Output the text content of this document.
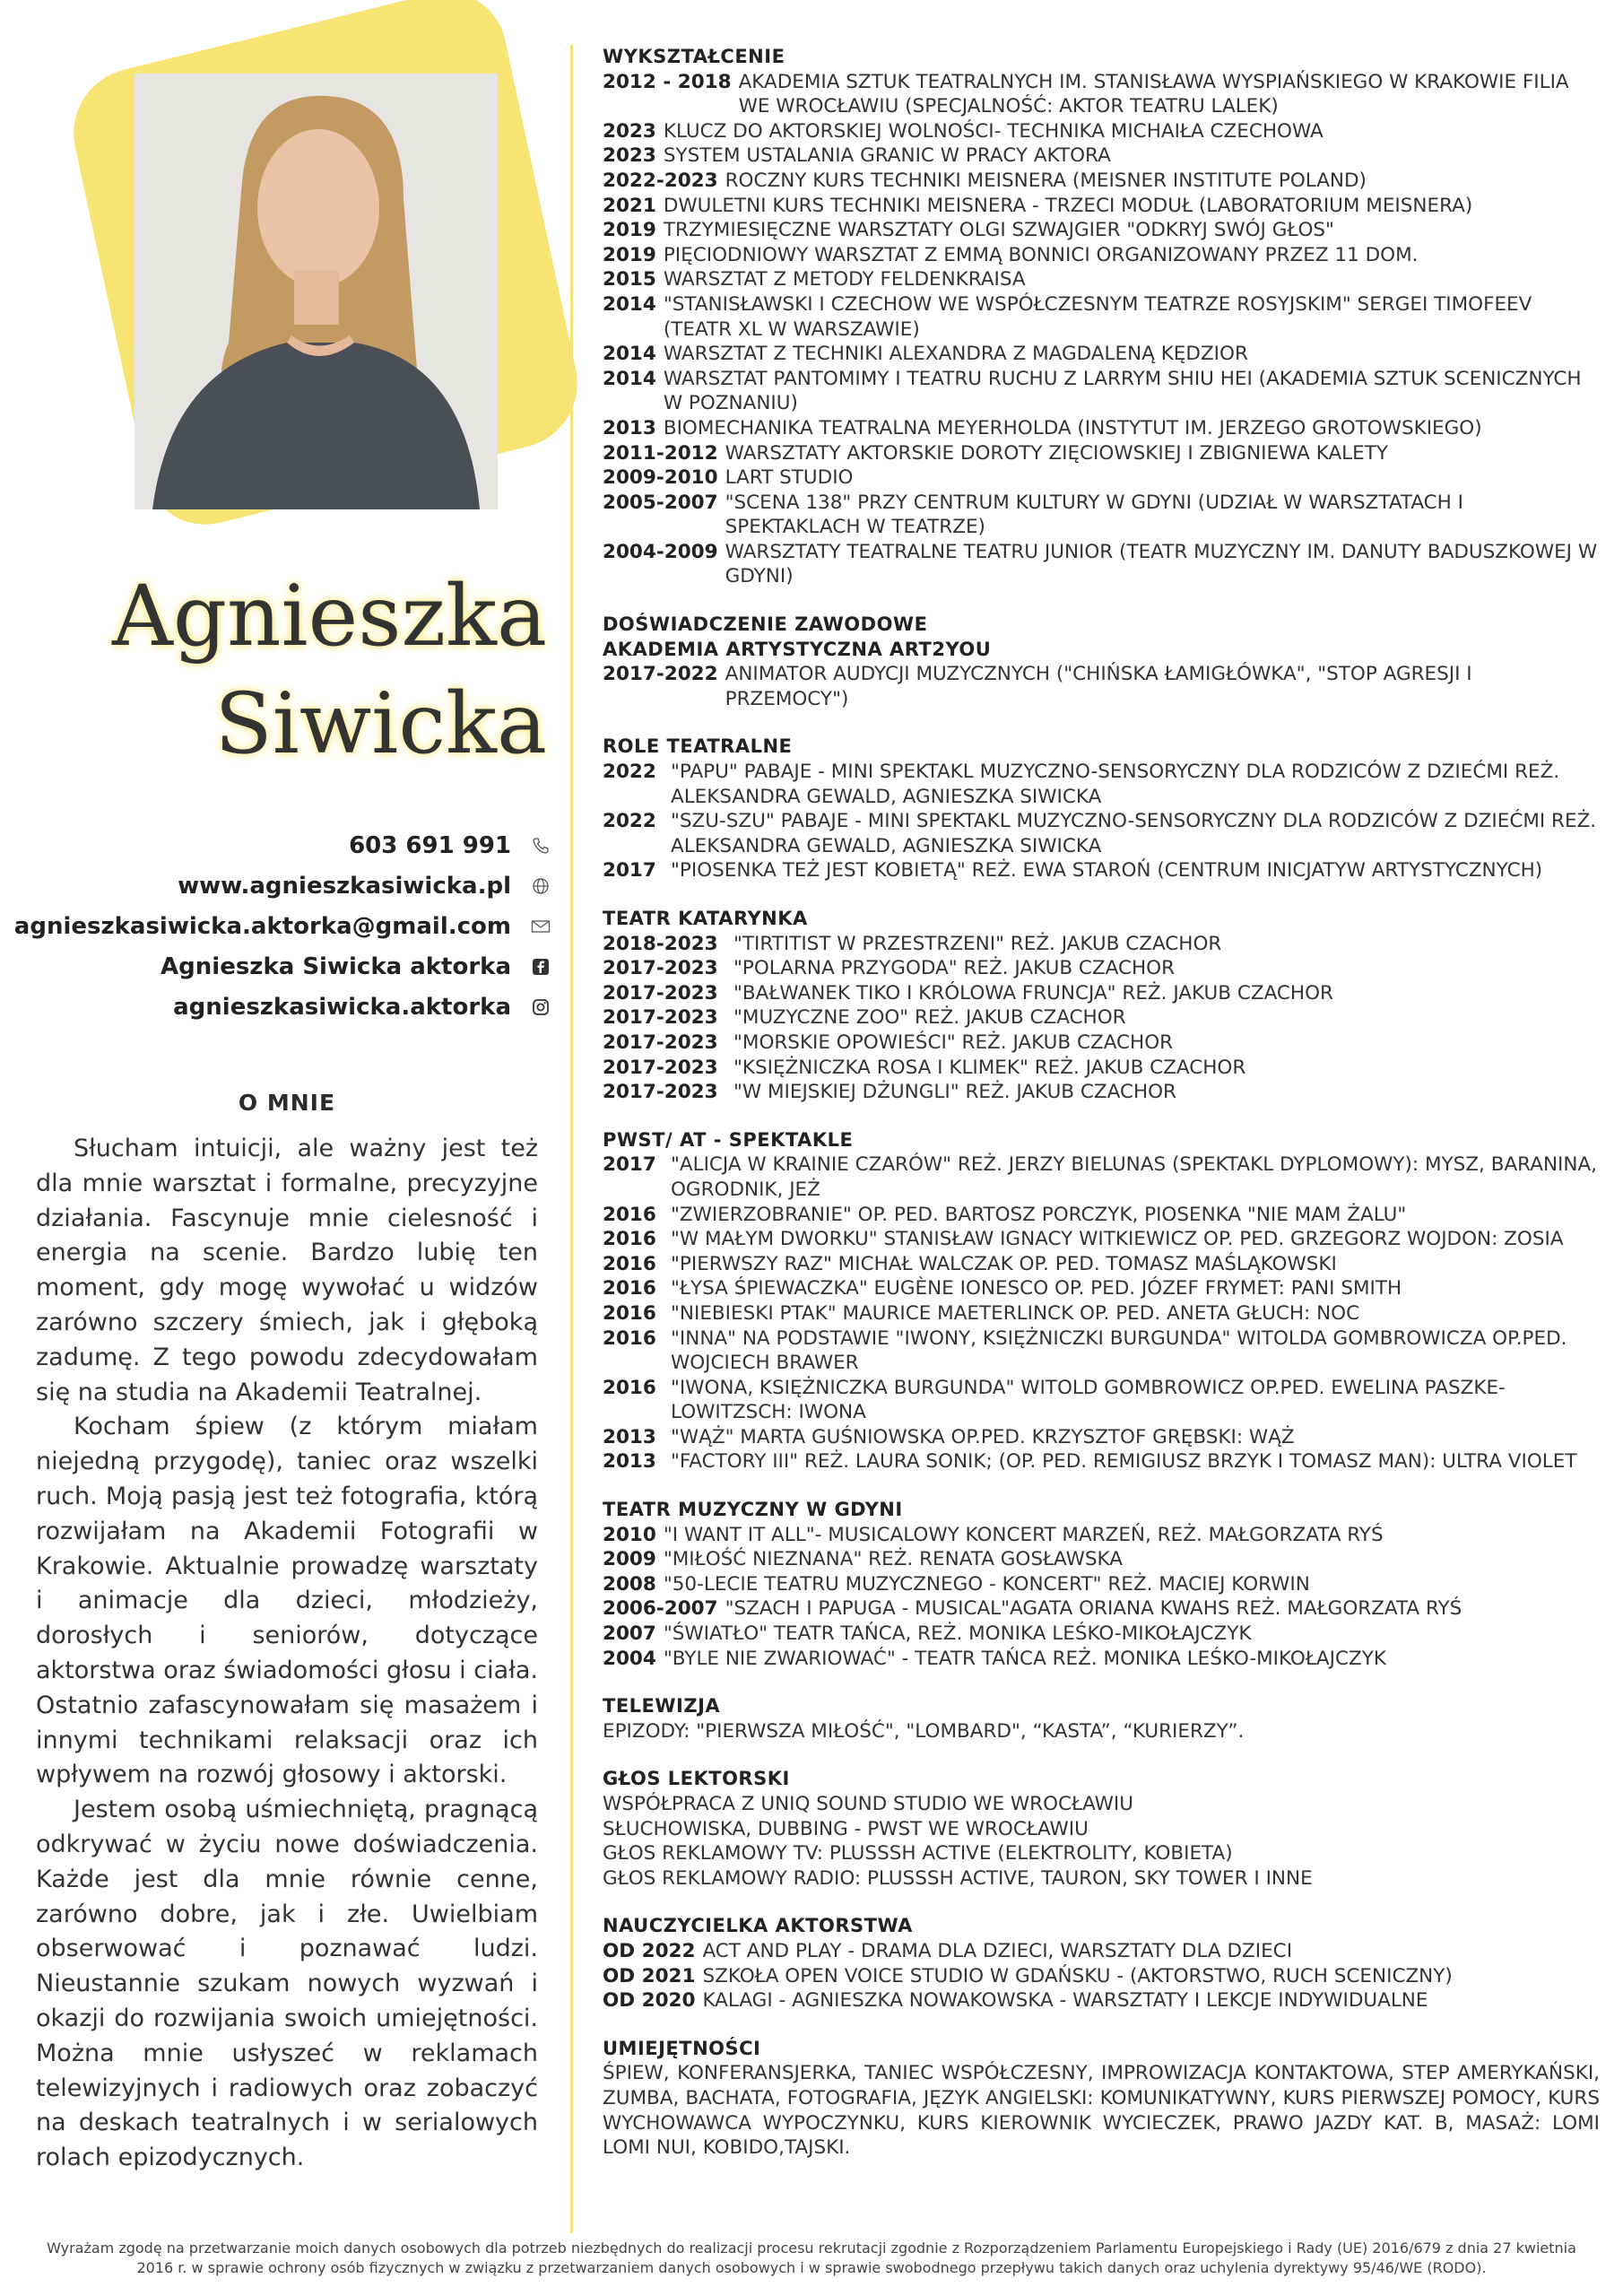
Agnieszka
Siwicka
603 691 991
www.agnieszkasiwicka.pl
agnieszkasiwicka.aktorka@gmail.com
Agnieszka Siwicka aktorka
agnieszkasiwicka.aktorka
O MNIE

Słucham intuicji, ale ważny jest też dla mnie warsztat i formalne, precyzyjne działania. Fascynuje mnie cielesność i energia na scenie. Bardzo lubię ten moment, gdy mogę wywołać u widzów zarówno szczery śmiech, jak i głęboką zadumę. Z tego powodu zdecydowałam się na studia na Akademii Teatralnej.

Kocham śpiew (z którym miałam niejedną przygodę), taniec oraz wszelki ruch. Moją pasją jest też fotografia, którą rozwijałam na Akademii Fotografii w Krakowie. Aktualnie prowadzę warsztaty i animacje dla dzieci, młodzieży, dorosłych i seniorów, dotyczące aktorstwa oraz świadomości głosu i ciała. Ostatnio zafascynowałam się masażem i innymi technikami relaksacji oraz ich wpływem na rozwój głosowy i aktorski.

Jestem osobą uśmiechniętą, pragnącą odkrywać w życiu nowe doświadczenia. Każde jest dla mnie równie cenne, zarówno dobre, jak i złe. Uwielbiam obserwować i poznawać ludzi. Nieustannie szukam nowych wyzwań i okazji do rozwijania swoich umiejętności. Można mnie usłyszeć w reklamach telewizyjnych i radiowych oraz zobaczyć na deskach teatralnych i w serialowych rolach epizodycznych.

WYKSZTAŁCENIE
2012 - 2018 AKADEMIA SZTUK TEATRALNYCH IM. STANISŁAWA WYSPIAŃSKIEGO W KRAKOWIE FILIA WE WROCŁAWIU (SPECJALNOŚĆ: AKTOR TEATRU LALEK)
2023 KLUCZ DO AKTORSKIEJ WOLNOŚCI- TECHNIKA MICHAIŁA CZECHOWA
2023 SYSTEM USTALANIA GRANIC W PRACY AKTORA
2022-2023 ROCZNY KURS TECHNIKI MEISNERA (MEISNER INSTITUTE POLAND)
2021 DWULETNI KURS TECHNIKI MEISNERA - TRZECI MODUŁ (LABORATORIUM MEISNERA)
2019 TRZYMIESIĘCZNE WARSZTATY OLGI SZWAJGIER "ODKRYJ SWÓJ GŁOS"
2019 PIĘCIODNIOWY WARSZTAT Z EMMĄ BONNICI ORGANIZOWANY PRZEZ 11 DOM.
2015 WARSZTAT Z METODY FELDENKRAISA
2014 "STANISŁAWSKI I CZECHOW WE WSPÓŁCZESNYM TEATRZE ROSYJSKIM" SERGEI TIMOFEEV (TEATR XL W WARSZAWIE)
2014 WARSZTAT Z TECHNIKI ALEXANDRA Z MAGDALENĄ KĘDZIOR
2014 WARSZTAT PANTOMIMY I TEATRU RUCHU Z LARRYM SHIU HEI (AKADEMIA SZTUK SCENICZNYCH W POZNANIU)
2013 BIOMECHANIKA TEATRALNA MEYERHOLDA (INSTYTUT IM. JERZEGO GROTOWSKIEGO)
2011-2012 WARSZTATY AKTORSKIE DOROTY ZIĘCIOWSKIEJ I ZBIGNIEWA KALETY
2009-2010 LART STUDIO
2005-2007 "SCENA 138" PRZY CENTRUM KULTURY W GDYNI (UDZIAŁ W WARSZTATACH I SPEKTAKLACH W TEATRZE)
2004-2009 WARSZTATY TEATRALNE TEATRU JUNIOR (TEATR MUZYCZNY IM. DANUTY BADUSZKOWEJ W GDYNI)
DOŚWIADCZENIE ZAWODOWE
AKADEMIA ARTYSTYCZNA ART2YOU
2017-2022 ANIMATOR AUDYCJI MUZYCZNYCH ("CHIŃSKA ŁAMIGŁÓWKA", "STOP AGRESJI I PRZEMOCY")
ROLE TEATRALNE
2022 "PAPU" PABAJE - MINI SPEKTAKL MUZYCZNO-SENSORYCZNY DLA RODZICÓW Z DZIEĆMI REŻ. ALEKSANDRA GEWALD, AGNIESZKA SIWICKA
2022 "SZU-SZU" PABAJE - MINI SPEKTAKL MUZYCZNO-SENSORYCZNY DLA RODZICÓW Z DZIEĆMI REŻ. ALEKSANDRA GEWALD, AGNIESZKA SIWICKA
2017 "PIOSENKA TEŻ JEST KOBIETĄ" REŻ. EWA STAROŃ (CENTRUM INICJATYW ARTYSTYCZNYCH)
TEATR KATARYNKA
2018-2023 "TIRTITIST W PRZESTRZENI" REŻ. JAKUB CZACHOR
2017-2023 "POLARNA PRZYGODA" REŻ. JAKUB CZACHOR
2017-2023 "BAŁWANEK TIKO I KRÓLOWA FRUNCJA" REŻ. JAKUB CZACHOR
2017-2023 "MUZYCZNE ZOO" REŻ. JAKUB CZACHOR
2017-2023 "MORSKIE OPOWIEŚCI" REŻ. JAKUB CZACHOR
2017-2023 "KSIĘŻNICZKA ROSA I KLIMEK" REŻ. JAKUB CZACHOR
2017-2023 "W MIEJSKIEJ DŻUNGLI" REŻ. JAKUB CZACHOR
PWST/ AT - SPEKTAKLE
2017 "ALICJA W KRAINIE CZARÓW" REŻ. JERZY BIELUNAS (SPEKTAKL DYPLOMOWY): MYSZ, BARANINA, OGRODNIK, JEŻ
2016 "ZWIERZOBRANIE" OP. PED. BARTOSZ PORCZYK, PIOSENKA "NIE MAM ŻALU"
2016 "W MAŁYM DWORKU" STANISŁAW IGNACY WITKIEWICZ OP. PED. GRZEGORZ WOJDON: ZOSIA
2016 "PIERWSZY RAZ" MICHAŁ WALCZAK OP. PED. TOMASZ MAŚLĄKOWSKI
2016 "ŁYSA ŚPIEWACZKA" EUGÈNE IONESCO OP. PED. JÓZEF FRYMET: PANI SMITH
2016 "NIEBIESKI PTAK" MAURICE MAETERLINCK OP. PED. ANETA GŁUCH: NOC
2016 "INNA" NA PODSTAWIE "IWONY, KSIĘŻNICZKI BURGUNDA" WITOLDA GOMBROWICZA OP.PED. WOJCIECH BRAWER
2016 "IWONA, KSIĘŻNICZKA BURGUNDA" WITOLD GOMBROWICZ OP.PED. EWELINA PASZKE- LOWITZSCH: IWONA
2013 "WĄŻ" MARTA GUŚNIOWSKA OP.PED. KRZYSZTOF GRĘBSKI: WĄŻ
2013 "FACTORY III" REŻ. LAURA SONIK; (OP. PED. REMIGIUSZ BRZYK I TOMASZ MAN): ULTRA VIOLET
TEATR MUZYCZNY W GDYNI
2010 "I WANT IT ALL"- MUSICALOWY KONCERT MARZEŃ, REŻ. MAŁGORZATA RYŚ
2009 "MIŁOŚĆ NIEZNANA" REŻ. RENATA GOSŁAWSKA
2008 "50-LECIE TEATRU MUZYCZNEGO - KONCERT" REŻ. MACIEJ KORWIN
2006-2007 "SZACH I PAPUGA - MUSICAL"AGATA ORIANA KWAHS REŻ. MAŁGORZATA RYŚ
2007 "ŚWIATŁO" TEATR TAŃCA, REŻ. MONIKA LEŚKO-MIKOŁAJCZYK
2004 "BYLE NIE ZWARIOWAĆ" - TEATR TAŃCA REŻ. MONIKA LEŚKO-MIKOŁAJCZYK
TELEWIZJA

EPIZODY: "PIERWSZA MIŁOŚĆ", "LOMBARD", “KASTA”, “KURIERZY”.

GŁOS LEKTORSKI

WSPÓŁPRACA Z UNIQ SOUND STUDIO WE WROCŁAWIU

SŁUCHOWISKA, DUBBING - PWST WE WROCŁAWIU

GŁOS REKLAMOWY TV: PLUSSSH ACTIVE (ELEKTROLITY, KOBIETA)

GŁOS REKLAMOWY RADIO: PLUSSSH ACTIVE, TAURON, SKY TOWER I INNE

NAUCZYCIELKA AKTORSTWA
OD 2022 ACT AND PLAY - DRAMA DLA DZIECI, WARSZTATY DLA DZIECI
OD 2021 SZKOŁA OPEN VOICE STUDIO W GDAŃSKU - (AKTORSTWO, RUCH SCENICZNY)
OD 2020 KALAGI - AGNIESZKA NOWAKOWSKA - WARSZTATY I LEKCJE INDYWIDUALNE
UMIEJĘTNOŚCI

ŚPIEW, KONFERANSJERKA, TANIEC WSPÓŁCZESNY, IMPROWIZACJA KONTAKTOWA, STEP AMERYKAŃSKI, ZUMBA, BACHATA, FOTOGRAFIA, JĘZYK ANGIELSKI: KOMUNIKATYWNY, KURS PIERWSZEJ POMOCY, KURS WYCHOWAWCA WYPOCZYNKU, KURS KIEROWNIK WYCIECZEK, PRAWO JAZDY KAT. B, MASAŻ: LOMI LOMI NUI, KOBIDO,TAJSKI.

Wyrażam zgodę na przetwarzanie moich danych osobowych dla potrzeb niezbędnych do realizacji procesu rekrutacji zgodnie z Rozporządzeniem Parlamentu Europejskiego i Rady (UE) 2016/679 z dnia 27 kwietnia 2016 r. w sprawie ochrony osób fizycznych w związku z przetwarzaniem danych osobowych i w sprawie swobodnego przepływu takich danych oraz uchylenia dyrektywy 95/46/WE (RODO).
